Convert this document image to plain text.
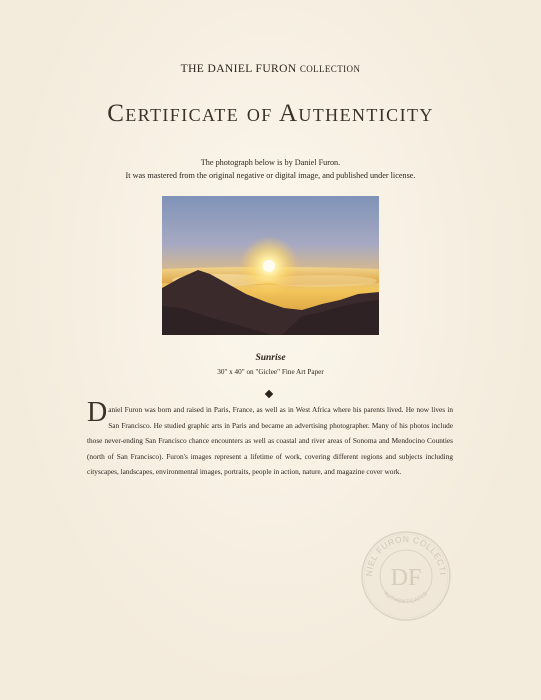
THE DANIEL FURON COLLECTION
Certificate of Authenticity
The photograph below is by Daniel Furon.
It was mastered from the original negative or digital image, and published under license.
Sunrise
30" x 40" on "Giclee" Fine Art Paper
Daniel Furon was born and raised in Paris, France, as well as in West Africa where his parents lived. He now lives in San Francisco. He studied graphic arts in Paris and became an advertising photographer. Many of his photos include those never-ending San Francisco chance encounters as well as coastal and river areas of Sonoma and Mendocino Counties (north of San Francisco). Furon's images represent a lifetime of work, covering different regions and subjects including cityscapes, landscapes, environmental images, portraits, people in action, nature, and magazine cover work.
NIEL FURON COLLECTI
DF
AUTHENTICATED
